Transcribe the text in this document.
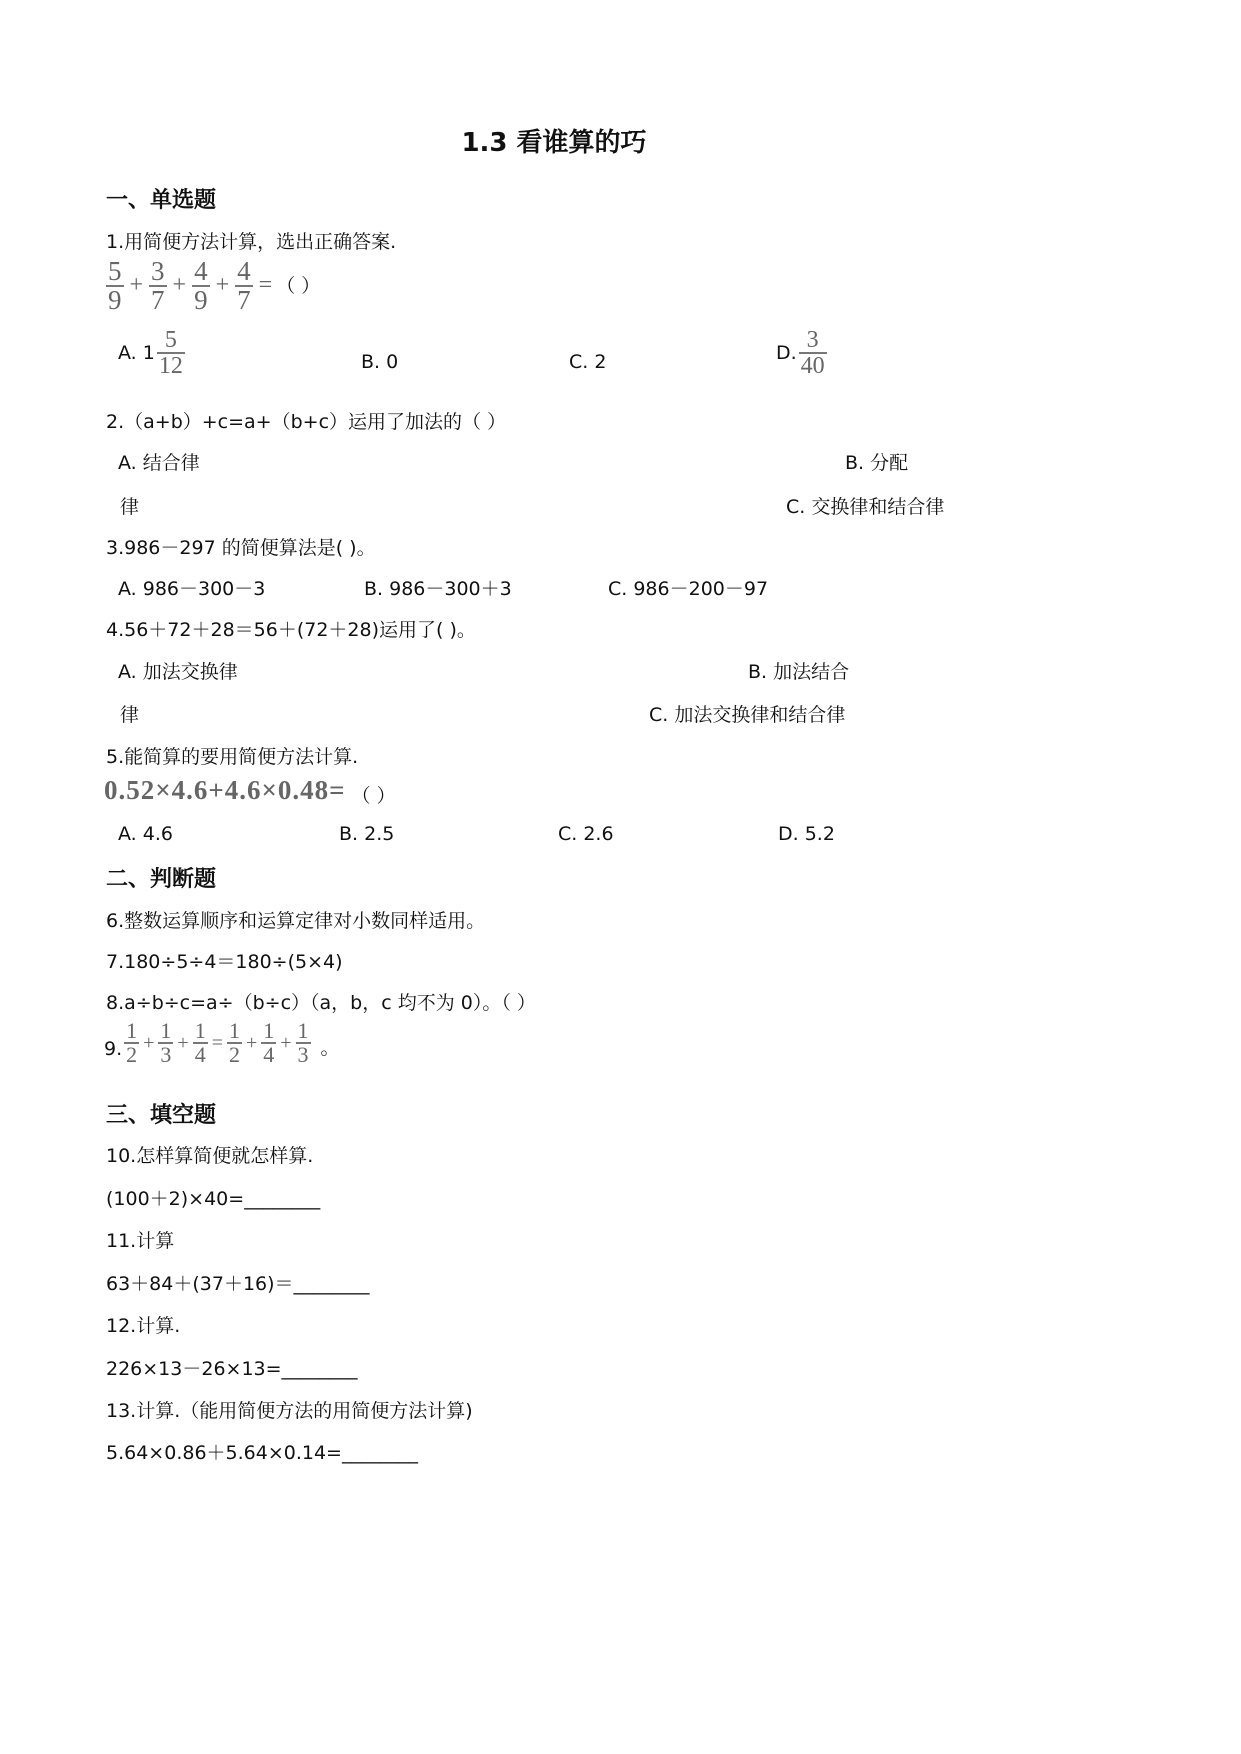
1.3 看谁算的巧
一、单选题
1.用简便方法计算，选出正确答案.
$\frac{5}{9} + \frac{3}{7} + \frac{4}{9} + \frac{4}{7}$ = （ ）
A. $1 \frac{5}{12}$	B. 0	C. 2	D. $\frac{3}{40}$
2.（a+b）+c=a+（b+c）运用了加法的（ ）
A. 结合律	B. 分配
律	C. 交换律和结合律
3.986－297 的简便算法是( )。
A. 986－300－3	B. 986－300＋3	C. 986－200－97
4.56＋72＋28＝56＋(72＋28)运用了( )。
A. 加法交换律	B. 加法结合
律	C. 加法交换律和结合律
5.能简算的要用简便方法计算.
0.52×4.6+4.6×0.48= （ ）
A. 4.6	B. 2.5	C. 2.6	D. 5.2
二、判断题
6.整数运算顺序和运算定律对小数同样适用。
7.180÷5÷4＝180÷(5×4)
8.a÷b÷c=a÷（b÷c）（a，b，c 均不为 0）。（ ）
9. $\frac{1}{2} + \frac{1}{3} + \frac{1}{4} = \frac{1}{2} + \frac{1}{4} + \frac{1}{3}$ 。
三、填空题
10.怎样算简便就怎样算.
(100＋2)×40=________
11.计算
63＋84＋(37＋16)＝________
12.计算.
226×13－26×13=________
13.计算.（能用简便方法的用简便方法计算)
5.64×0.86＋5.64×0.14=________
